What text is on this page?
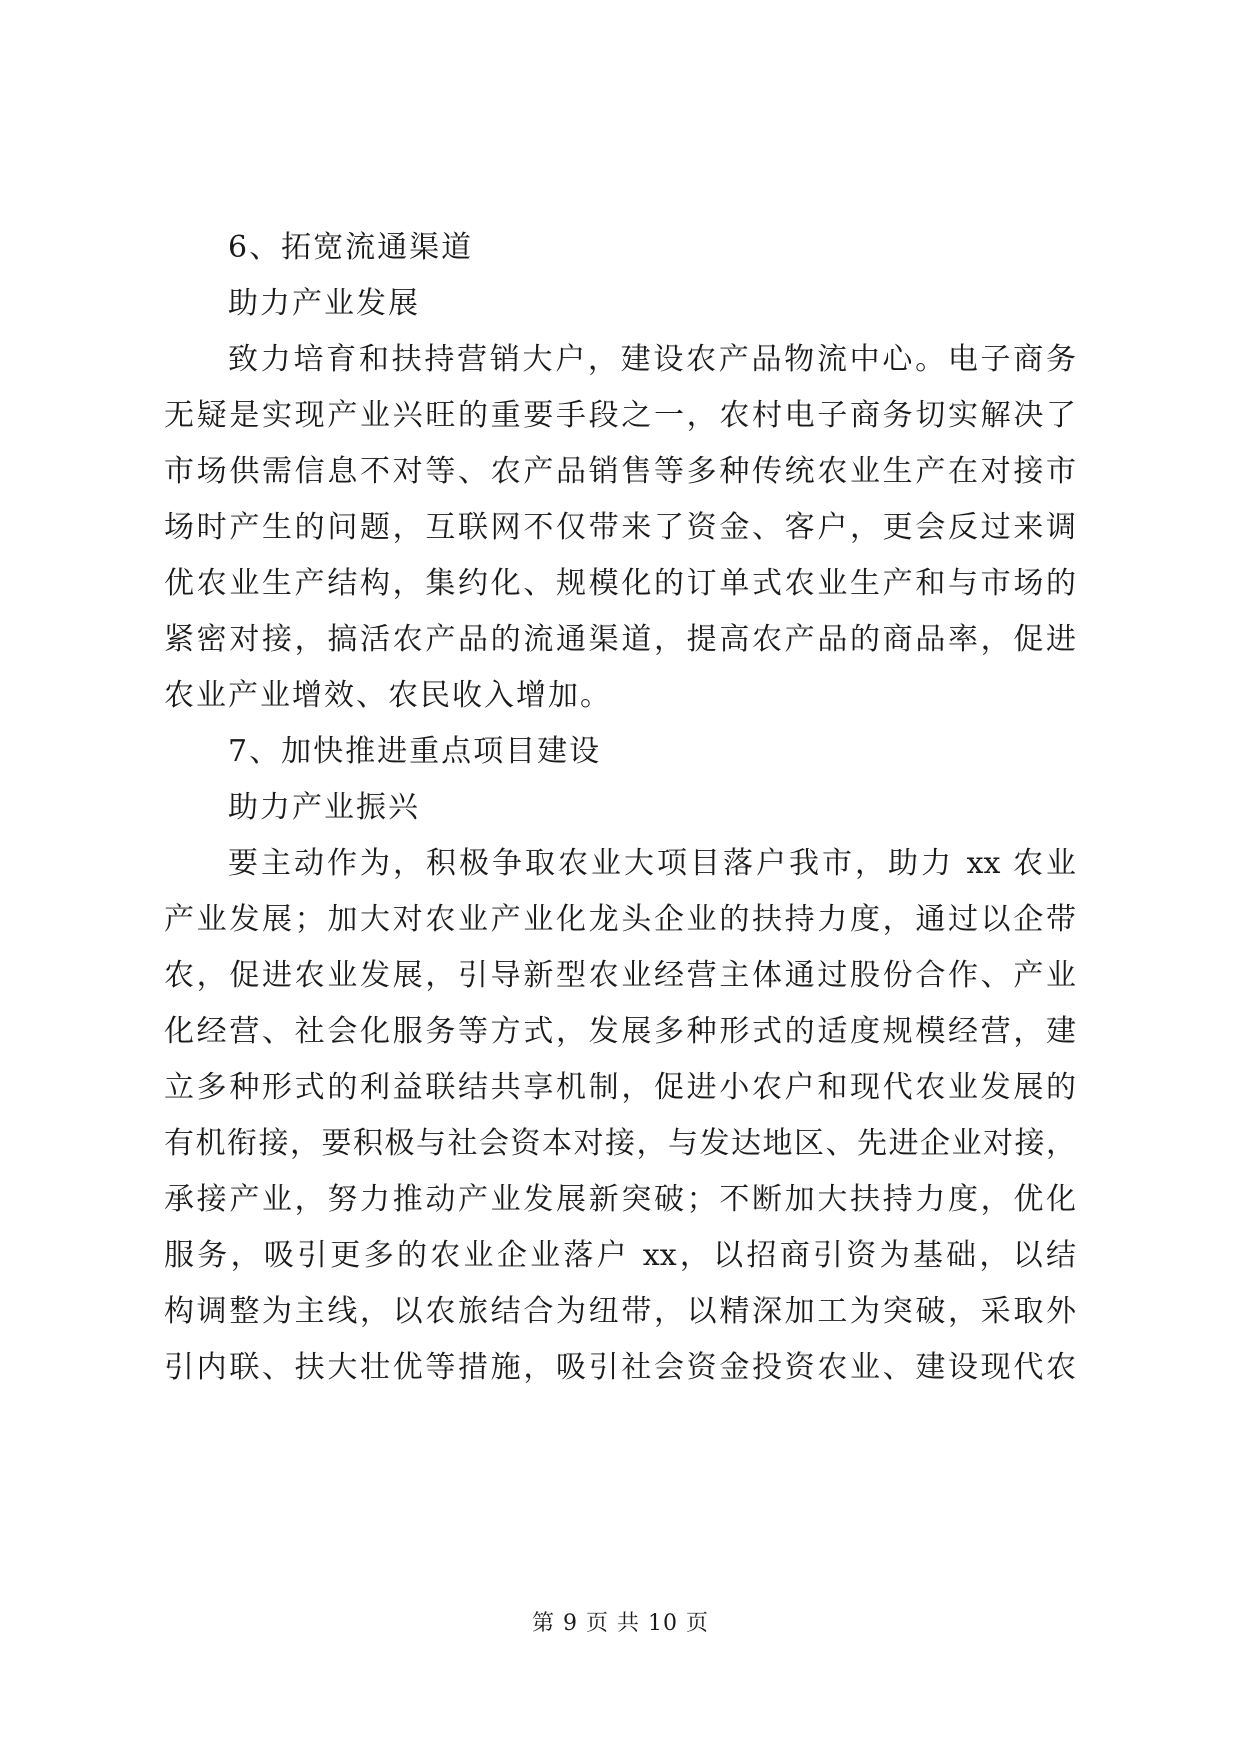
6、拓宽流通渠道
助力产业发展
致力培育和扶持营销大户，建设农产品物流中心。电子商务
无疑是实现产业兴旺的重要手段之一，农村电子商务切实解决了
市场供需信息不对等、农产品销售等多种传统农业生产在对接市
场时产生的问题，互联网不仅带来了资金、客户，更会反过来调
优农业生产结构，集约化、规模化的订单式农业生产和与市场的
紧密对接，搞活农产品的流通渠道，提高农产品的商品率，促进
农业产业增效、农民收入增加。
7、加快推进重点项目建设
助力产业振兴
要主动作为，积极争取农业大项目落户我市，助力 xx 农业
产业发展；加大对农业产业化龙头企业的扶持力度，通过以企带
农，促进农业发展，引导新型农业经营主体通过股份合作、产业
化经营、社会化服务等方式，发展多种形式的适度规模经营，建
立多种形式的利益联结共享机制，促进小农户和现代农业发展的
有机衔接，要积极与社会资本对接，与发达地区、先进企业对接，
承接产业，努力推动产业发展新突破；不断加大扶持力度，优化
服务，吸引更多的农业企业落户 xx，以招商引资为基础，以结
构调整为主线，以农旅结合为纽带，以精深加工为突破，采取外
引内联、扶大壮优等措施，吸引社会资金投资农业、建设现代农
第 9 页 共 10 页
